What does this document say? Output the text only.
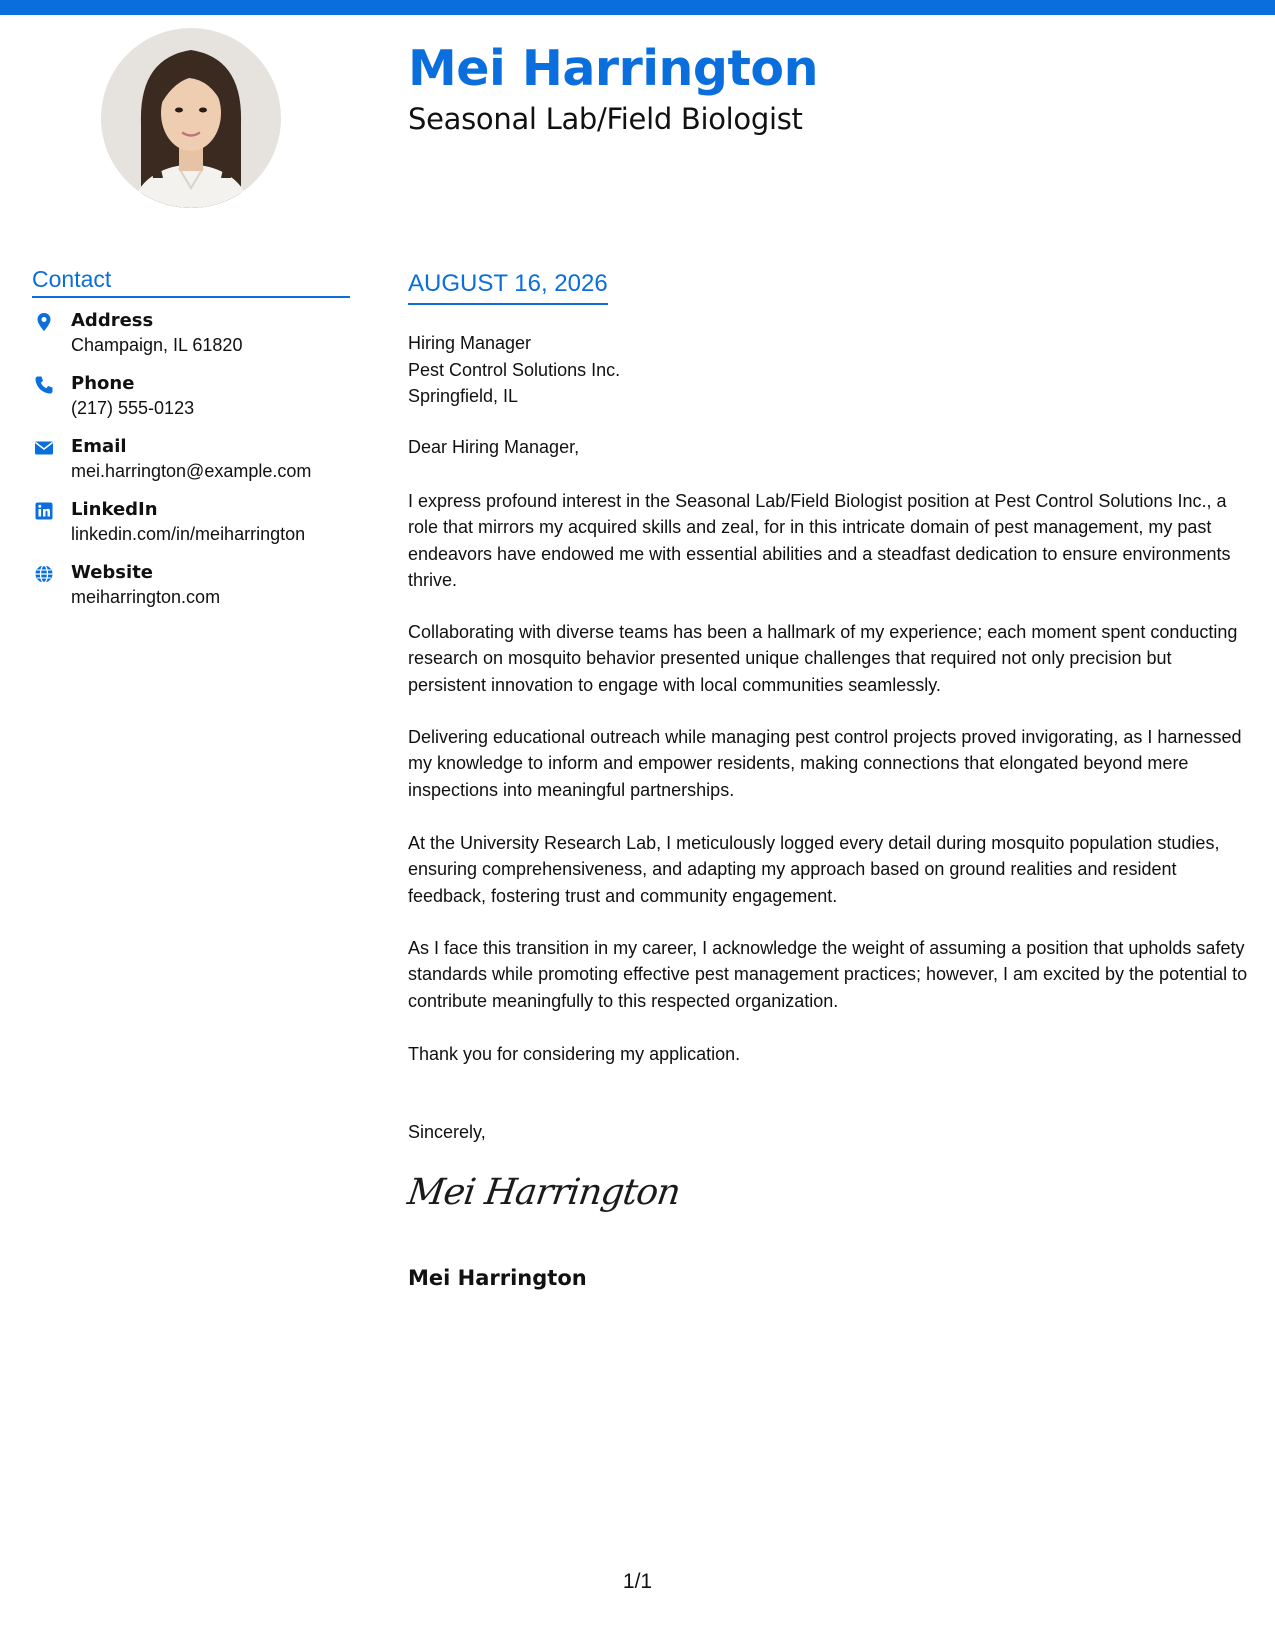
Mei Harrington
Seasonal Lab/Field Biologist
Contact
Address
Champaign, IL 61820
Phone
(217) 555-0123
Email
mei.harrington@example.com
LinkedIn
linkedin.com/in/meiharrington
Website
meiharrington.com
AUGUST 16, 2026
Hiring Manager
Pest Control Solutions Inc.
Springfield, IL
Dear Hiring Manager,
I express profound interest in the Seasonal Lab/Field Biologist position at Pest Control Solutions Inc., a role that mirrors my acquired skills and zeal, for in this intricate domain of pest management, my past endeavors have endowed me with essential abilities and a steadfast dedication to ensure environments thrive.
Collaborating with diverse teams has been a hallmark of my experience; each moment spent conducting research on mosquito behavior presented unique challenges that required not only precision but persistent innovation to engage with local communities seamlessly.
Delivering educational outreach while managing pest control projects proved invigorating, as I harnessed my knowledge to inform and empower residents, making connections that elongated beyond mere inspections into meaningful partnerships.
At the University Research Lab, I meticulously logged every detail during mosquito population studies, ensuring comprehensiveness, and adapting my approach based on ground realities and resident feedback, fostering trust and community engagement.
As I face this transition in my career, I acknowledge the weight of assuming a position that upholds safety standards while promoting effective pest management practices; however, I am excited by the potential to contribute meaningfully to this respected organization.
Thank you for considering my application.
Sincerely,
Mei Harrington
Mei Harrington
1/1
